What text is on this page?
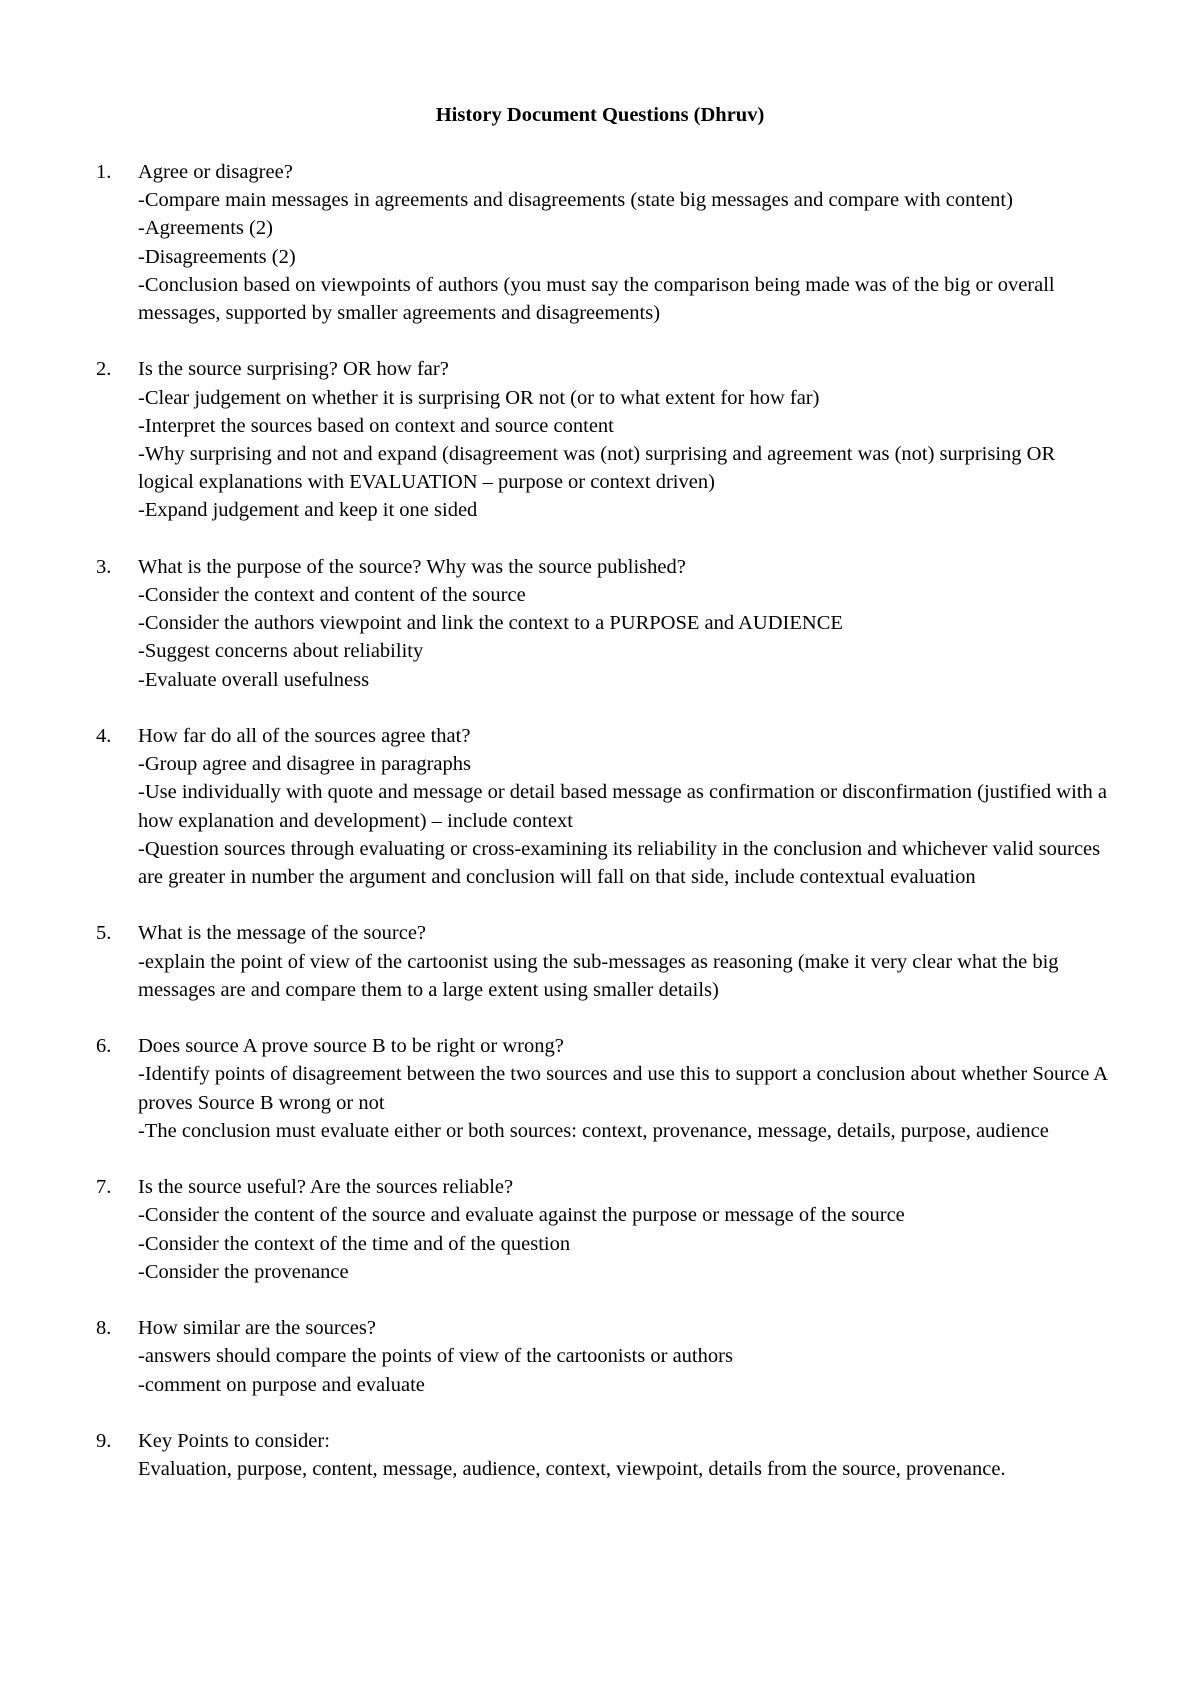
History Document Questions (Dhruv)
1. Agree or disagree?
-Compare main messages in agreements and disagreements (state big messages and compare with content)
-Agreements (2)
-Disagreements (2)
-Conclusion based on viewpoints of authors (you must say the comparison being made was of the big or overall messages, supported by smaller agreements and disagreements)
2. Is the source surprising? OR how far?
-Clear judgement on whether it is surprising OR not (or to what extent for how far)
-Interpret the sources based on context and source content
-Why surprising and not and expand (disagreement was (not) surprising and agreement was (not) surprising OR logical explanations with EVALUATION – purpose or context driven)
-Expand judgement and keep it one sided
3. What is the purpose of the source? Why was the source published?
-Consider the context and content of the source
-Consider the authors viewpoint and link the context to a PURPOSE and AUDIENCE
-Suggest concerns about reliability
-Evaluate overall usefulness
4. How far do all of the sources agree that?
-Group agree and disagree in paragraphs
-Use individually with quote and message or detail based message as confirmation or disconfirmation (justified with a how explanation and development) – include context
-Question sources through evaluating or cross-examining its reliability in the conclusion and whichever valid sources are greater in number the argument and conclusion will fall on that side, include contextual evaluation
5. What is the message of the source?
-explain the point of view of the cartoonist using the sub-messages as reasoning (make it very clear what the big messages are and compare them to a large extent using smaller details)
6. Does source A prove source B to be right or wrong?
-Identify points of disagreement between the two sources and use this to support a conclusion about whether Source A proves Source B wrong or not
-The conclusion must evaluate either or both sources: context, provenance, message, details, purpose, audience
7. Is the source useful? Are the sources reliable?
-Consider the content of the source and evaluate against the purpose or message of the source
-Consider the context of the time and of the question
-Consider the provenance
8. How similar are the sources?
-answers should compare the points of view of the cartoonists or authors
-comment on purpose and evaluate
9. Key Points to consider:
Evaluation, purpose, content, message, audience, context, viewpoint, details from the source, provenance.
